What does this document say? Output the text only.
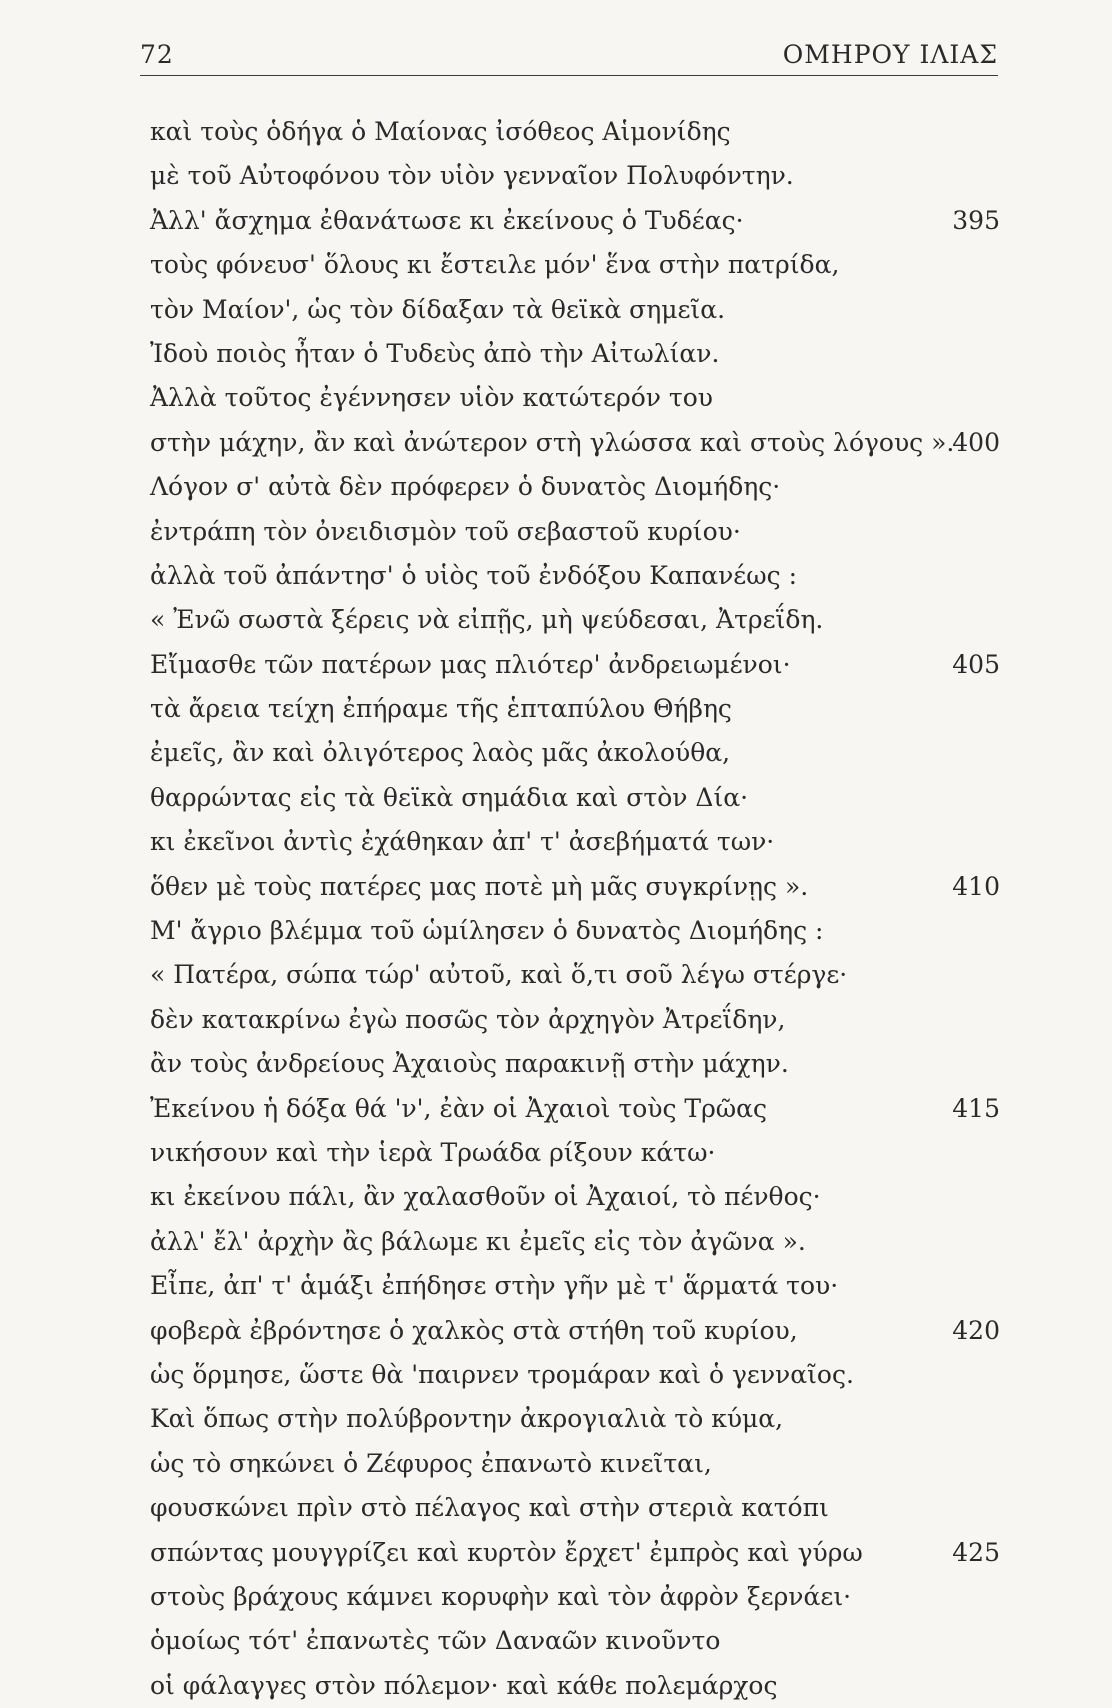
72	ΟΜΗΡΟΥ ΙΛΙΑΣ
καὶ τοὺς ὁδήγα ὁ Μαίονας ἰσόθεος Αἱμονίδης
μὲ τοῦ Αὐτοφόνου τὸν υἱὸν γενναῖον Πολυφόντην.
Ἀλλ' ἄσχημα ἐθανάτωσε κι ἐκείνους ὁ Τυδέας·	395
τοὺς φόνευσ' ὅλους κι ἔστειλε μόν' ἕνα στὴν πατρίδα,
τὸν Μαίον', ὡς τὸν δίδαξαν τὰ θεϊκὰ σημεῖα.
Ἰδοὺ ποιὸς ἦταν ὁ Τυδεὺς ἀπὸ τὴν Αἰτωλίαν.
Ἀλλὰ τοῦτος ἐγέννησεν υἱὸν κατώτερόν του
στὴν μάχην, ἂν καὶ ἀνώτερον στὴ γλώσσα καὶ στοὺς λόγους ».
400
Λόγον σ' αὐτὰ δὲν πρόφερεν ὁ δυνατὸς Διομήδης·
ἐντράπη τὸν ὀνειδισμὸν τοῦ σεβαστοῦ κυρίου·
ἀλλὰ τοῦ ἀπάντησ' ὁ υἱὸς τοῦ ἐνδόξου Καπανέως :
« Ἐνῶ σωστὰ ξέρεις νὰ εἰπῇς, μὴ ψεύδεσαι, Ἀτρεΐδη.
Εἴμασθε τῶν πατέρων μας πλιότερ' ἀνδρειωμένοι·	405
τὰ ἄρεια τείχη ἐπήραμε τῆς ἑπταπύλου Θήβης
ἐμεῖς, ἂν καὶ ὀλιγότερος λαὸς μᾶς ἀκολούθα,
θαρρώντας εἰς τὰ θεϊκὰ σημάδια καὶ στὸν Δία·
κι ἐκεῖνοι ἀντὶς ἐχάθηκαν ἀπ' τ' ἀσεβήματά των·
ὅθεν μὲ τοὺς πατέρες μας ποτὲ μὴ μᾶς συγκρίνῃς ».	410
Μ' ἄγριο βλέμμα τοῦ ὡμίλησεν ὁ δυνατὸς Διομήδης :
« Πατέρα, σώπα τώρ' αὐτοῦ, καὶ ὅ,τι σοῦ λέγω στέργε·
δὲν κατακρίνω ἐγὼ ποσῶς τὸν ἀρχηγὸν Ἀτρεΐδην,
ἂν τοὺς ἀνδρείους Ἀχαιοὺς παρακινῇ στὴν μάχην.
Ἐκείνου ἡ δόξα θά 'ν', ἐὰν οἱ Ἀχαιοὶ τοὺς Τρῶας	415
νικήσουν καὶ τὴν ἱερὰ Τρωάδα ρίξουν κάτω·
κι ἐκείνου πάλι, ἂν χαλασθοῦν οἱ Ἀχαιοί, τὸ πένθος·
ἀλλ' ἔλ' ἀρχὴν ἂς βάλωμε κι ἐμεῖς εἰς τὸν ἀγῶνα ».
Εἶπε, ἀπ' τ' ἁμάξι ἐπήδησε στὴν γῆν μὲ τ' ἅρματά του·
φοβερὰ ἐβρόντησε ὁ χαλκὸς στὰ στήθη τοῦ κυρίου,	420
ὡς ὅρμησε, ὥστε θὰ 'παιρνεν τρομάραν καὶ ὁ γενναῖος.
Καὶ ὅπως στὴν πολύβροντην ἀκρογιαλιὰ τὸ κύμα,
ὡς τὸ σηκώνει ὁ Ζέφυρος ἐπανωτὸ κινεῖται,
φουσκώνει πρὶν στὸ πέλαγος καὶ στὴν στεριὰ κατόπι
σπώντας μουγγρίζει καὶ κυρτὸν ἔρχετ' ἐμπρὸς καὶ γύρω	425
στοὺς βράχους κάμνει κορυφὴν καὶ τὸν ἀφρὸν ξερνάει·
ὁμοίως τότ' ἐπανωτὲς τῶν Δαναῶν κινοῦντο
οἱ φάλαγγες στὸν πόλεμον· καὶ κάθε πολεμάρχος
